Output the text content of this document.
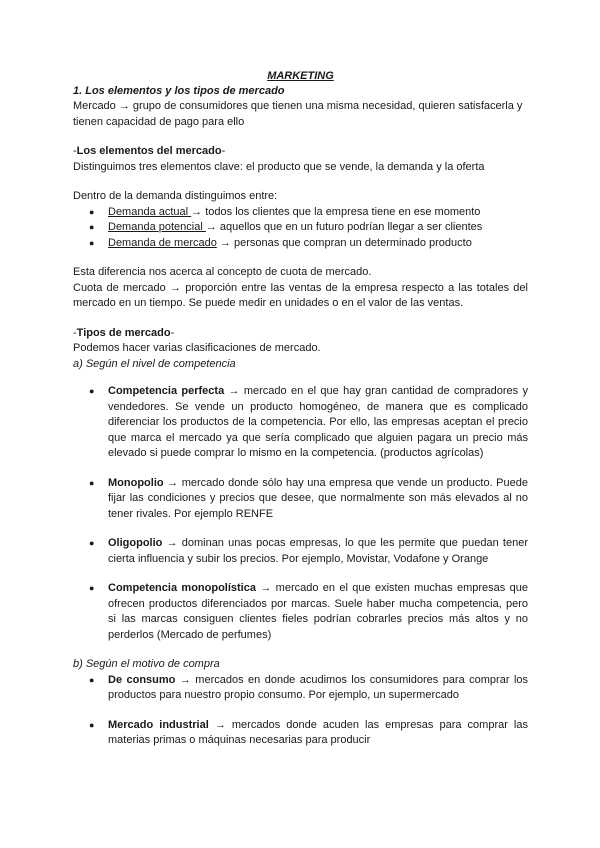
MARKETING
1. Los elementos y los tipos de mercado

Mercado → grupo de consumidores que tienen una misma necesidad, quieren satisfacerla y tienen capacidad de pago para ello

-Los elementos del mercado-

Distinguimos tres elementos clave: el producto que se vende, la demanda y la oferta

Dentro de la demanda distinguimos entre:

● Demanda actual → todos los clientes que la empresa tiene en ese momento
● Demanda potencial → aquellos que en un futuro podrían llegar a ser clientes
● Demanda de mercado → personas que compran un determinado producto

Esta diferencia nos acerca al concepto de cuota de mercado.

Cuota de mercado → proporción entre las ventas de la empresa respecto a las totales del mercado en un tiempo. Se puede medir en unidades o en el valor de las ventas.

-Tipos de mercado-

Podemos hacer varias clasificaciones de mercado.

a) Según el nivel de competencia

● Competencia perfecta → mercado en el que hay gran cantidad de compradores y vendedores. Se vende un producto homogéneo, de manera que es complicado diferenciar los productos de la competencia. Por ello, las empresas aceptan el precio que marca el mercado ya que sería complicado que alguien pagara un precio más elevado si puede comprar lo mismo en la competencia. (productos agrícolas)
● Monopolio → mercado donde sólo hay una empresa que vende un producto. Puede fijar las condiciones y precios que desee, que normalmente son más elevados al no tener rivales. Por ejemplo RENFE
● Oligopolio → dominan unas pocas empresas, lo que les permite que puedan tener cierta influencia y subir los precios. Por ejemplo, Movistar, Vodafone y Orange
● Competencia monopolística → mercado en el que existen muchas empresas que ofrecen productos diferenciados por marcas. Suele haber mucha competencia, pero si las marcas consiguen clientes fieles podrían cobrarles precios más altos y no perderlos (Mercado de perfumes)

b) Según el motivo de compra

● De consumo → mercados en donde acudimos los consumidores para comprar los productos para nuestro propio consumo. Por ejemplo, un supermercado
● Mercado industrial → mercados donde acuden las empresas para comprar las materias primas o máquinas necesarias para producir
